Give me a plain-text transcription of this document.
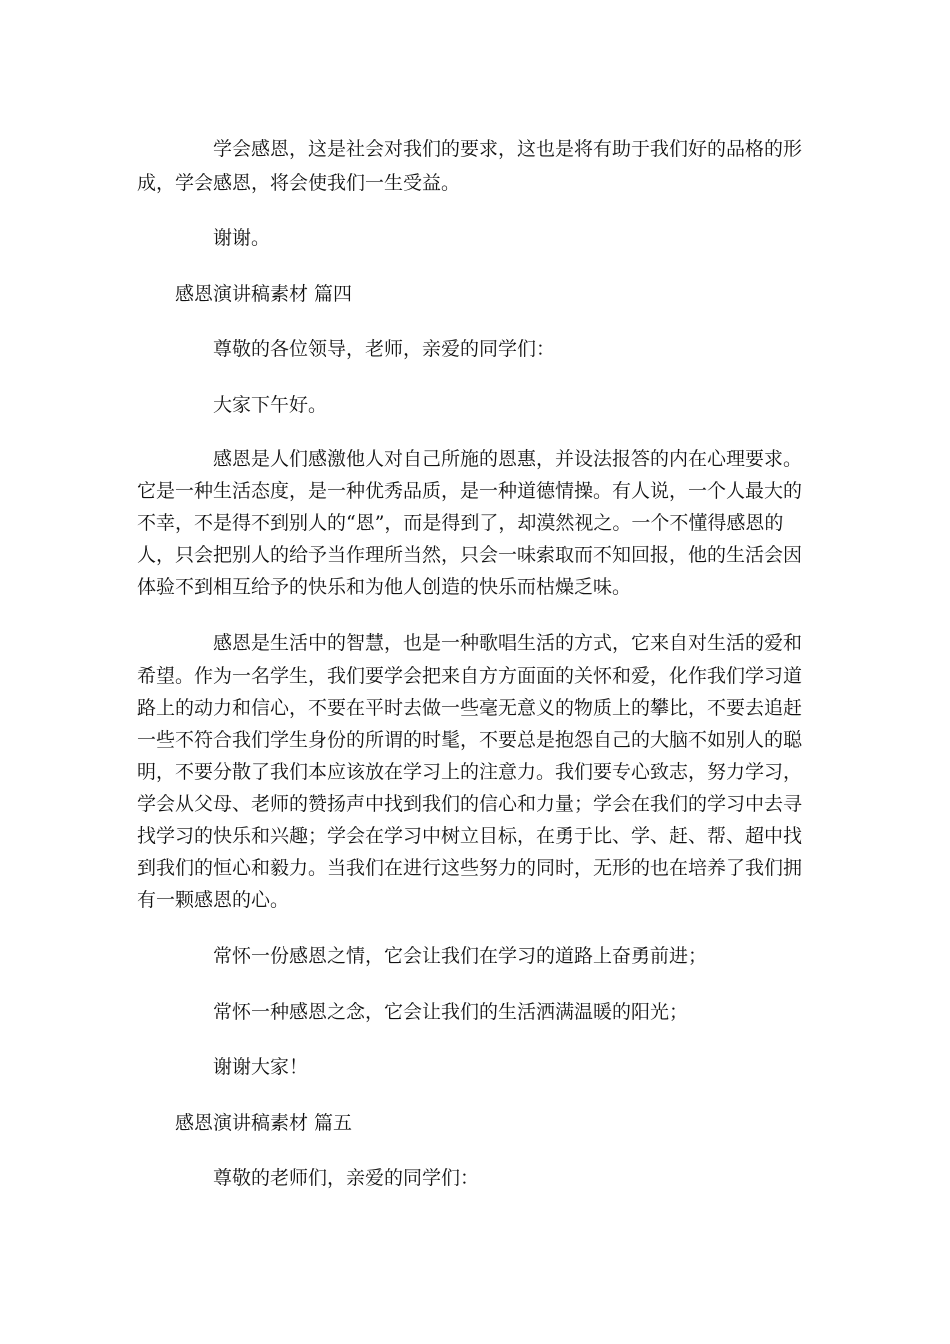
学会感恩，这是社会对我们的要求，这也是将有助于我们好的品格的形
成，学会感恩，将会使我们一生受益。
谢谢。
感恩演讲稿素材 篇四
尊敬的各位领导，老师，亲爱的同学们：
大家下午好。
感恩是人们感激他人对自己所施的恩惠，并设法报答的内在心理要求。
它是一种生活态度，是一种优秀品质，是一种道德情操。有人说，一个人最大的
不幸，不是得不到别人的“恩”，而是得到了，却漠然视之。一个不懂得感恩的
人，只会把别人的给予当作理所当然，只会一味索取而不知回报，他的生活会因
体验不到相互给予的快乐和为他人创造的快乐而枯燥乏味。
感恩是生活中的智慧，也是一种歌唱生活的方式，它来自对生活的爱和
希望。作为一名学生，我们要学会把来自方方面面的关怀和爱，化作我们学习道
路上的动力和信心，不要在平时去做一些毫无意义的物质上的攀比，不要去追赶
一些不符合我们学生身份的所谓的时髦，不要总是抱怨自己的大脑不如别人的聪
明，不要分散了我们本应该放在学习上的注意力。我们要专心致志，努力学习，
学会从父母、老师的赞扬声中找到我们的信心和力量；学会在我们的学习中去寻
找学习的快乐和兴趣；学会在学习中树立目标，在勇于比、学、赶、帮、超中找
到我们的恒心和毅力。当我们在进行这些努力的同时，无形的也在培养了我们拥
有一颗感恩的心。
常怀一份感恩之情，它会让我们在学习的道路上奋勇前进；
常怀一种感恩之念，它会让我们的生活洒满温暖的阳光；
谢谢大家！
感恩演讲稿素材 篇五
尊敬的老师们，亲爱的同学们：
